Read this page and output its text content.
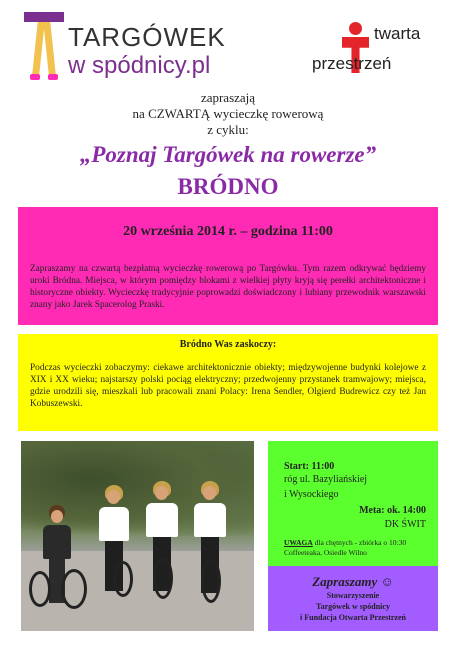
TARGÓWEK
w spódnicy.pl
twarta
przestrzeń
zapraszają
na CZWARTĄ wycieczkę rowerową
z cyklu:
„Poznaj Targówek na rowerze”
BRÓDNO
20 września 2014 r. – godzina 11:00
Zapraszamy na czwartą bezpłatną wycieczkę rowerową po Targówku. Tym razem odkrywać będziemy uroki Bródna. Miejsca, w którym pomiędzy blokami z wielkiej płyty kryją się perełki architektoniczne i historyczne obiekty. Wycieczkę tradycyjnie poprowadzi doświadczony i lubiany przewodnik warszawski znany jako Jarek Spacerolog Praski.
Bródno Was zaskoczy:
Podczas wycieczki zobaczymy: ciekawe architektonicznie obiekty; międzywojenne budynki kolejowe z XIX i XX wieku; najstarszy polski pociąg elektryczny; przedwojenny przystanek tramwajowy; miejsca, gdzie urodzili się, mieszkali lub pracowali znani Polacy: Irena Sendler, Olgierd Budrewicz czy też Jan Kobuszewski.
Start: 11:00
róg ul. Bazyliańskiej
i Wysockiego
Meta: ok. 14:00
DK ŚWIT
UWAGA dla chętnych - zbiórka o 10:30 Coffeeteaka, Osiedle Wilno
Zapraszamy ☺
Stowarzyszenie
Targówek w spódnicy
i Fundacja Otwarta Przestrzeń
